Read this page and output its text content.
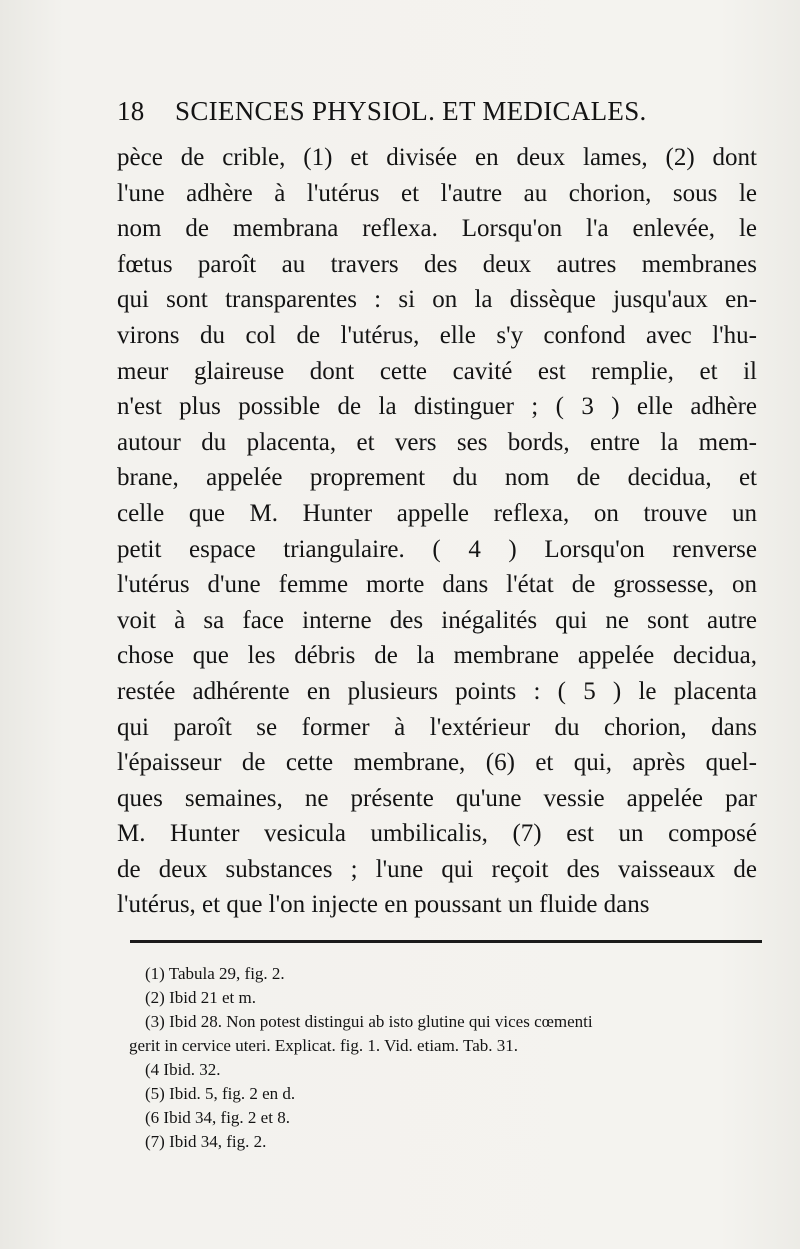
18 SCIENCES PHYSIOL. ET MEDICALES.
pèce de crible, (1) et divisée en deux lames, (2) dont
l'une adhère à l'utérus et l'autre au chorion, sous le
nom de membrana reflexa. Lorsqu'on l'a enlevée, le
fœtus paroît au travers des deux autres membranes
qui sont transparentes : si on la dissèque jusqu'aux en-
virons du col de l'utérus, elle s'y confond avec l'hu-
meur glaireuse dont cette cavité est remplie, et il
n'est plus possible de la distinguer ; ( 3 ) elle adhère
autour du placenta, et vers ses bords, entre la mem-
brane, appelée proprement du nom de decidua, et
celle que M. Hunter appelle reflexa, on trouve un
petit espace triangulaire. ( 4 ) Lorsqu'on renverse
l'utérus d'une femme morte dans l'état de grossesse, on
voit à sa face interne des inégalités qui ne sont autre
chose que les débris de la membrane appelée decidua,
restée adhérente en plusieurs points : ( 5 ) le placenta
qui paroît se former à l'extérieur du chorion, dans
l'épaisseur de cette membrane, (6) et qui, après quel-
ques semaines, ne présente qu'une vessie appelée par
M. Hunter vesicula umbilicalis, (7) est un composé
de deux substances ; l'une qui reçoit des vaisseaux de
l'utérus, et que l'on injecte en poussant un fluide dans
(1) Tabula 29, fig. 2.
(2) Ibid 21 et m.
(3) Ibid 28. Non potest distingui ab isto glutine qui vices cœmenti
gerit in cervice uteri. Explicat. fig. 1. Vid. etiam. Tab. 31.
(4 Ibid. 32.
(5) Ibid. 5, fig. 2 en d.
(6 Ibid 34, fig. 2 et 8.
(7) Ibid 34, fig. 2.
